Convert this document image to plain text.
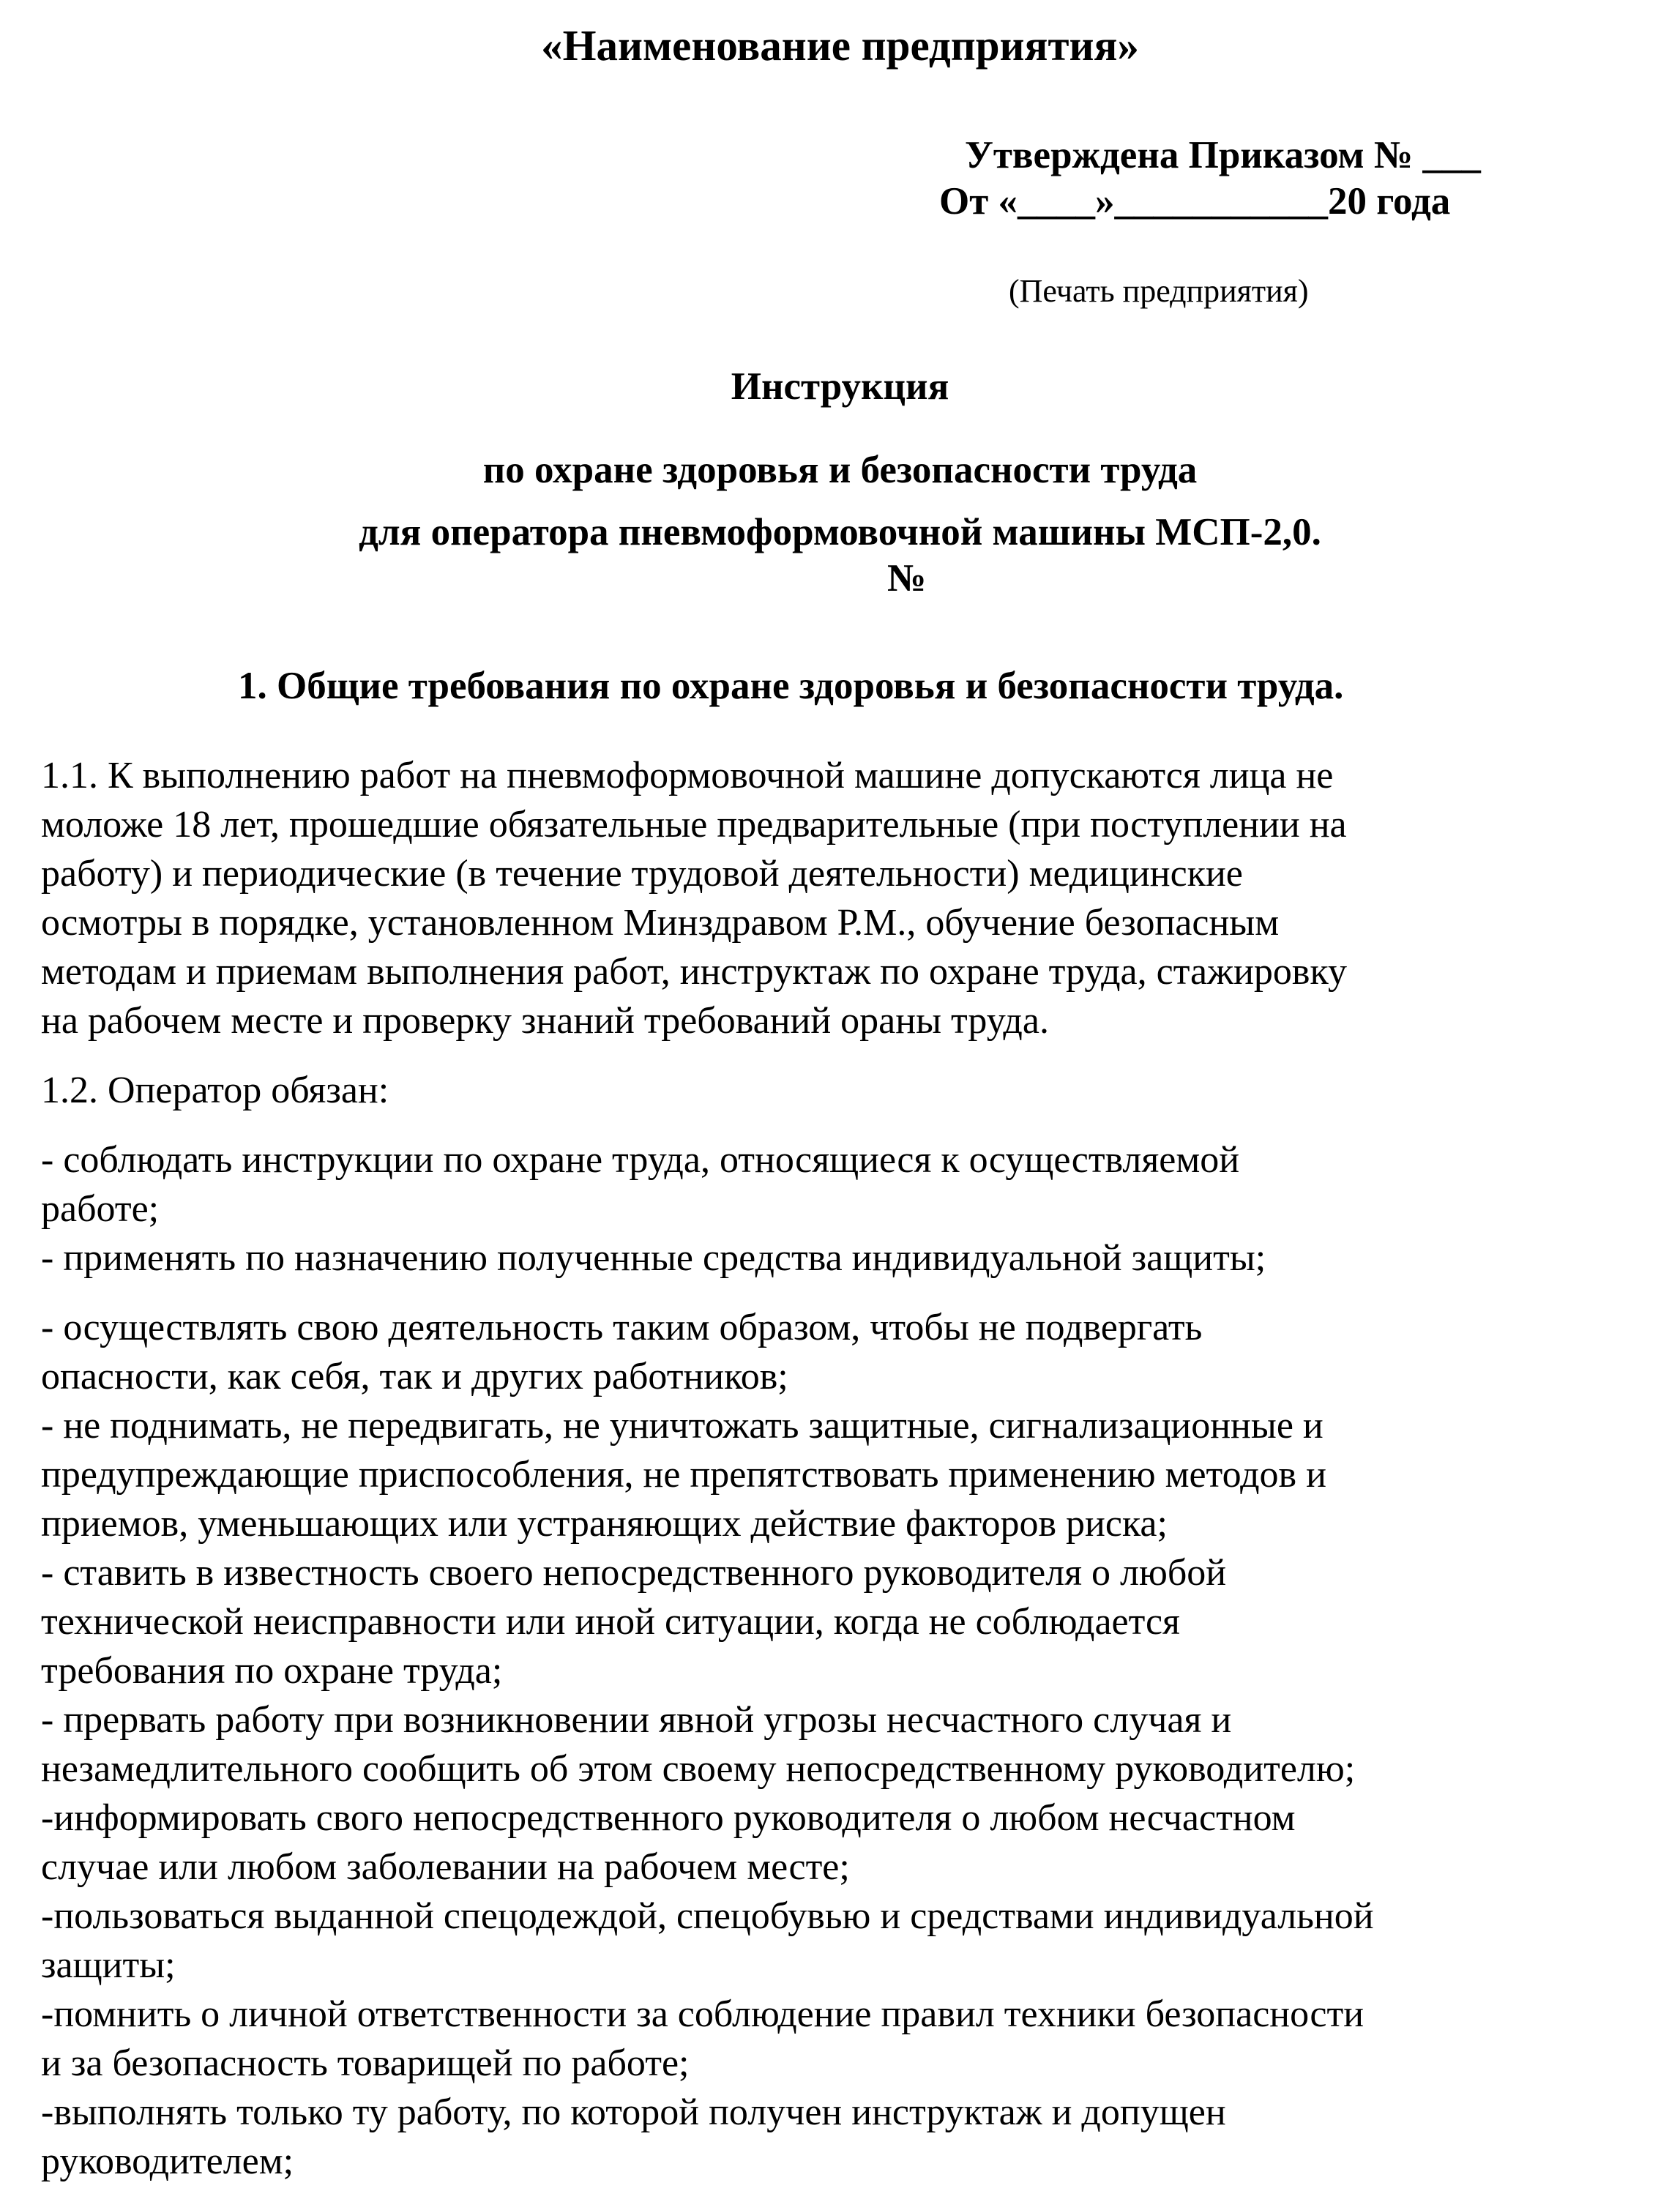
«Наименование предприятия»
Утверждена Приказом № ___
От «____»___________20 года
(Печать предприятия)
Инструкция
по охране здоровья и безопасности труда
для оператора пневмоформовочной машины МСП-2,0.
№
1. Общие требования по охране здоровья и безопасности труда.
1.1. К выполнению работ на пневмоформовочной машине допускаются лица не
моложе 18 лет, прошедшие обязательные предварительные (при поступлении на
работу) и периодические (в течение трудовой деятельности) медицинские
осмотры в порядке, установленном Минздравом Р.М., обучение безопасным
методам и приемам выполнения работ, инструктаж по охране труда, стажировку
на рабочем месте и проверку знаний требований ораны труда.
1.2. Оператор обязан:
- соблюдать инструкции по охране труда, относящиеся к осуществляемой
работе;
- применять по назначению полученные средства индивидуальной защиты;
- осуществлять свою деятельность таким образом, чтобы не подвергать
опасности, как себя, так и других работников;
- не поднимать, не передвигать, не уничтожать защитные, сигнализационные и
предупреждающие приспособления, не препятствовать применению методов и
приемов, уменьшающих или устраняющих действие факторов риска;
- ставить в известность своего непосредственного руководителя о любой
технической неисправности или иной ситуации, когда не соблюдается
требования по охране труда;
- прервать работу при возникновении явной угрозы несчастного случая и
незамедлительного сообщить об этом своему непосредственному руководителю;
-информировать свого непосредственного руководителя о любом несчастном
случае или любом заболевании на рабочем месте;
-пользоваться выданной спецодеждой, спецобувью и средствами индивидуальной
защиты;
-помнить о личной ответственности за соблюдение правил техники безопасности
и за безопасность товарищей по работе;
-выполнять только ту работу, по которой получен инструктаж и допущен
руководителем;
